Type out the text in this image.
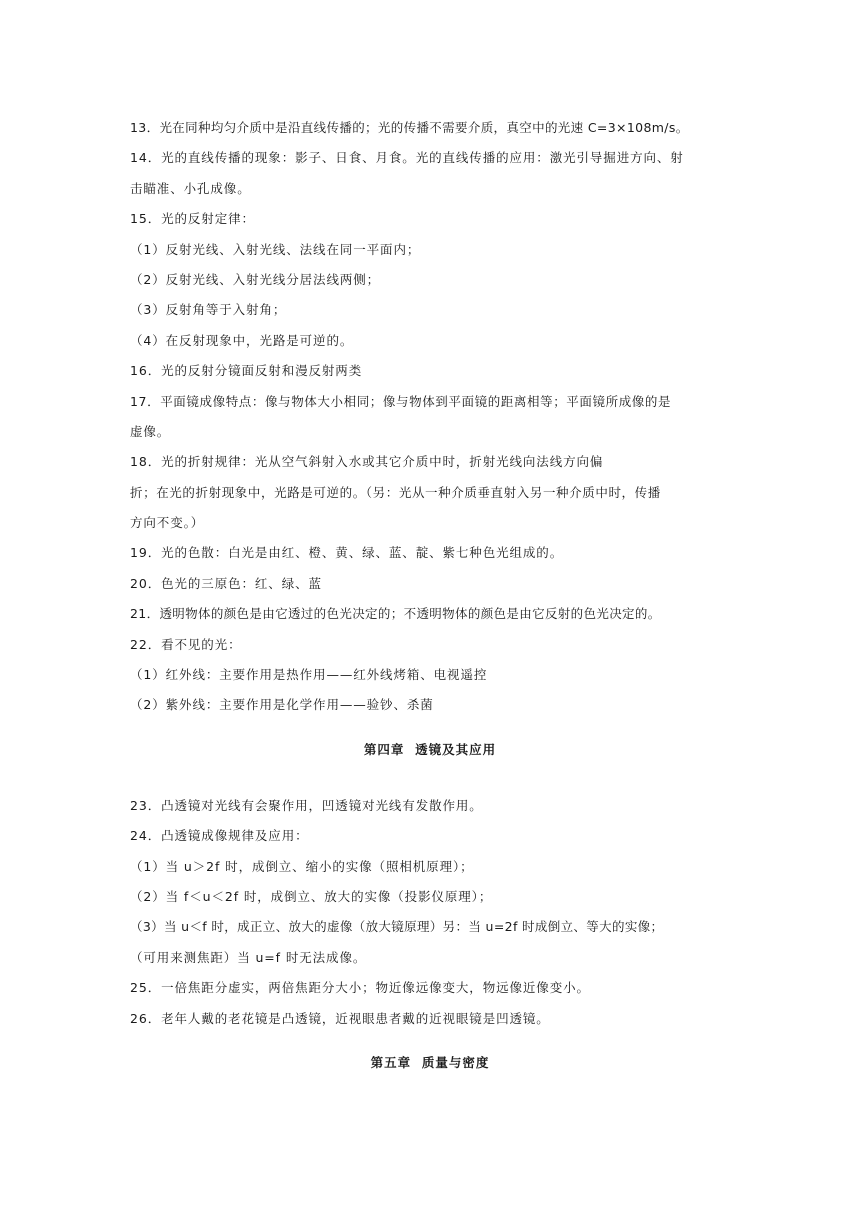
13．光在同种均匀介质中是沿直线传播的；光的传播不需要介质，真空中的光速 C=3×108m/s。
14．光的直线传播的现象：影子、日食、月食。光的直线传播的应用：激光引导掘进方向、射
击瞄准、小孔成像。
15．光的反射定律：
（1）反射光线、入射光线、法线在同一平面内；
（2）反射光线、入射光线分居法线两侧；
（3）反射角等于入射角；
（4）在反射现象中，光路是可逆的。
16．光的反射分镜面反射和漫反射两类
17．平面镜成像特点：像与物体大小相同；像与物体到平面镜的距离相等；平面镜所成像的是
虚像。
18．光的折射规律：光从空气斜射入水或其它介质中时，折射光线向法线方向偏
折；在光的折射现象中，光路是可逆的。（另：光从一种介质垂直射入另一种介质中时，传播
方向不变。）
19．光的色散：白光是由红、橙、黄、绿、蓝、靛、紫七种色光组成的。
20．色光的三原色：红、绿、蓝
21．透明物体的颜色是由它透过的色光决定的；不透明物体的颜色是由它反射的色光决定的。
22．看不见的光：
（1）红外线：主要作用是热作用——红外线烤箱、电视遥控
（2）紫外线：主要作用是化学作用——验钞、杀菌
第四章  透镜及其应用
23．凸透镜对光线有会聚作用，凹透镜对光线有发散作用。
24．凸透镜成像规律及应用：
（1）当 u＞2f 时，成倒立、缩小的实像（照相机原理）；
（2）当 f＜u＜2f 时，成倒立、放大的实像（投影仪原理）；
（3）当 u＜f 时，成正立、放大的虚像（放大镜原理）另：当 u=2f 时成倒立、等大的实像；
（可用来测焦距）当 u=f 时无法成像。
25．一倍焦距分虚实，两倍焦距分大小；物近像远像变大，物远像近像变小。
26．老年人戴的老花镜是凸透镜，近视眼患者戴的近视眼镜是凹透镜。
第五章  质量与密度
